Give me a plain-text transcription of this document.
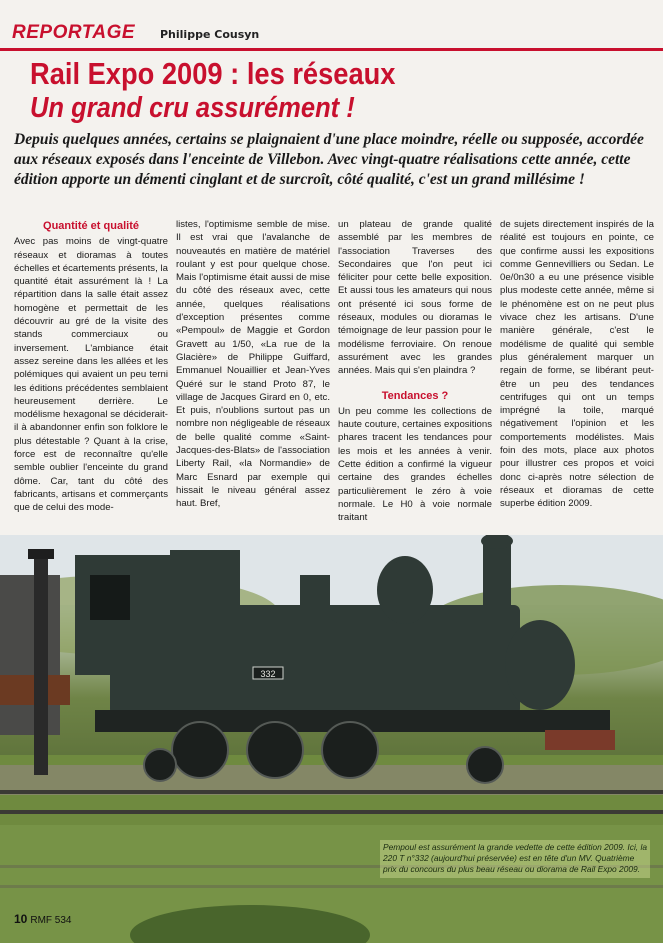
REPORTAGE Philippe Cousyn
Rail Expo 2009 : les réseaux
Un grand cru assurément !

Depuis quelques années, certains se plaignaient d'une place moindre, réelle ou supposée, accordée aux réseaux exposés dans l'enceinte de Villebon. Avec vingt-quatre réalisations cette année, cette édition apporte un démenti cinglant et de surcroît, côté qualité, c'est un grand millésime !

Quantité et qualité

Avec pas moins de vingt-quatre réseaux et dioramas à toutes échelles et écartements présents, la quantité était assurément là ! La répartition dans la salle était assez homogène et permettait de les découvrir au gré de la visite des stands commerciaux ou inversement. L'ambiance était assez sereine dans les allées et les polémiques qui avaient un peu terni les éditions précédentes semblaient heureusement derrière. Le modélisme hexagonal se déciderait-il à abandonner enfin son folklore le plus détestable ? Quant à la crise, force est de reconnaître qu'elle semble oublier l'enceinte du grand dôme. Car, tant du côté des fabricants, artisans et commerçants que de celui des mode-

listes, l'optimisme semble de mise. Il est vrai que l'avalanche de nouveautés en matière de matériel roulant y est pour quelque chose. Mais l'optimisme était aussi de mise du côté des réseaux avec, cette année, quelques réalisations d'exception présentes comme «Pempoul» de Maggie et Gordon Gravett au 1/50, «La rue de la Glacière» de Philippe Guiffard, Emmanuel Nouaillier et Jean-Yves Quéré sur le stand Proto 87, le village de Jacques Girard en 0, etc. Et puis, n'oublions surtout pas un nombre non négligeable de réseaux de belle qualité comme «Saint-Jacques-des-Blats» de l'association Liberty Rail, «la Normandie» de Marc Esnard par exemple qui hissait le niveau général assez haut. Bref,

un plateau de grande qualité assemblé par les membres de l'association Traverses des Secondaires que l'on peut ici féliciter pour cette belle exposition. Et aussi tous les amateurs qui nous ont présenté ici sous forme de réseaux, modules ou dioramas le témoignage de leur passion pour le modélisme ferroviaire. On renoue assurément avec les grandes années. Mais qui s'en plaindra ?

Tendances ?

Un peu comme les collections de haute couture, certaines expositions phares tracent les tendances pour les mois et les années à venir. Cette édition a confirmé la vigueur certaine des grandes échelles particulièrement le zéro à voie normale. Le H0 à voie normale traitant

de sujets directement inspirés de la réalité est toujours en pointe, ce que confirme aussi les expositions comme Gennevilliers ou Sedan. Le 0e/0n30 a eu une présence visible plus modeste cette année, même si le phénomène est on ne peut plus vivace chez les artisans. D'une manière générale, c'est le modélisme de qualité qui semble plus généralement marquer un regain de forme, se libérant peut-être un peu des tendances centrifuges qui ont un temps imprégné la toile, marqué négativement l'opinion et les comportements modélistes. Mais foin des mots, place aux photos pour illustrer ces propos et voici donc ci-après notre sélection de réseaux et dioramas de cette superbe édition 2009.

332
Pempoul est assurément la grande vedette de cette édition 2009. Ici, la 220 T n°332 (aujourd'hui préservée) est en tête d'un MV. Quatrième prix du concours du plus beau réseau ou diorama de Rail Expo 2009.
10 RMF 534
